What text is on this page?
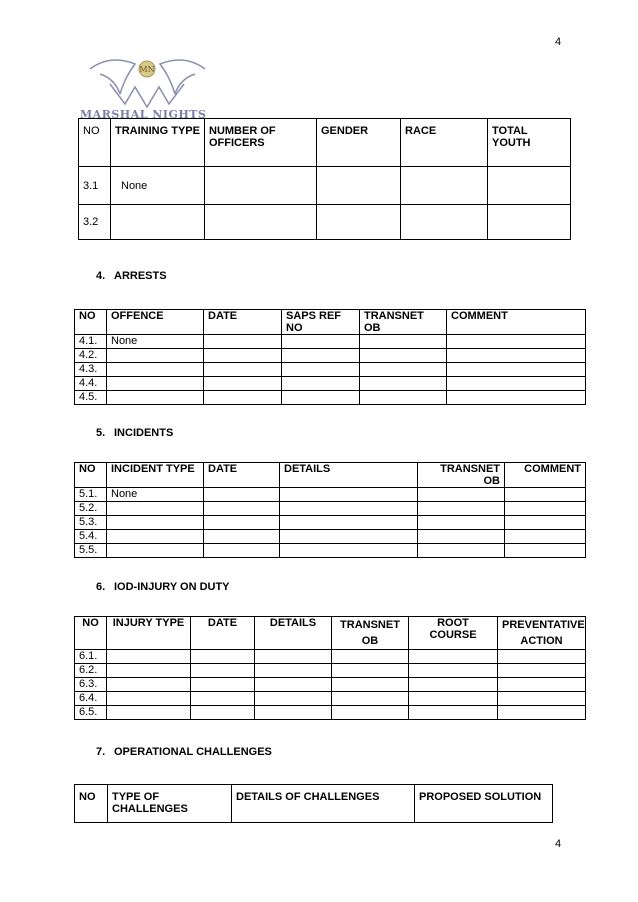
4
MN
MARSHAL NIGHTS
NO	TRAINING TYPE	NUMBER OF OFFICERS	GENDER	RACE	TOTAL YOUTH
3.1	None				
3.2					
4. ARRESTS
NO	OFFENCE	DATE	SAPS REF NO	TRANSNET OB	COMMENT
4.1.	None				
4.2.					
4.3.					
4.4.					
4.5.					
5. INCIDENTS
NO	INCIDENT TYPE	DATE	DETAILS	TRANSNET OB	COMMENT
5.1.	None				
5.2.					
5.3.					
5.4.					
5.5.					
6. IOD-INJURY ON DUTY
NO	INJURY TYPE	DATE	DETAILS	TRANSNET OB	ROOT COURSE	PREVENTATIVE ACTION
6.1.						
6.2.						
6.3.						
6.4.						
6.5.						
7. OPERATIONAL CHALLENGES
NO	TYPE OF CHALLENGES	DETAILS OF CHALLENGES	PROPOSED SOLUTION
4
